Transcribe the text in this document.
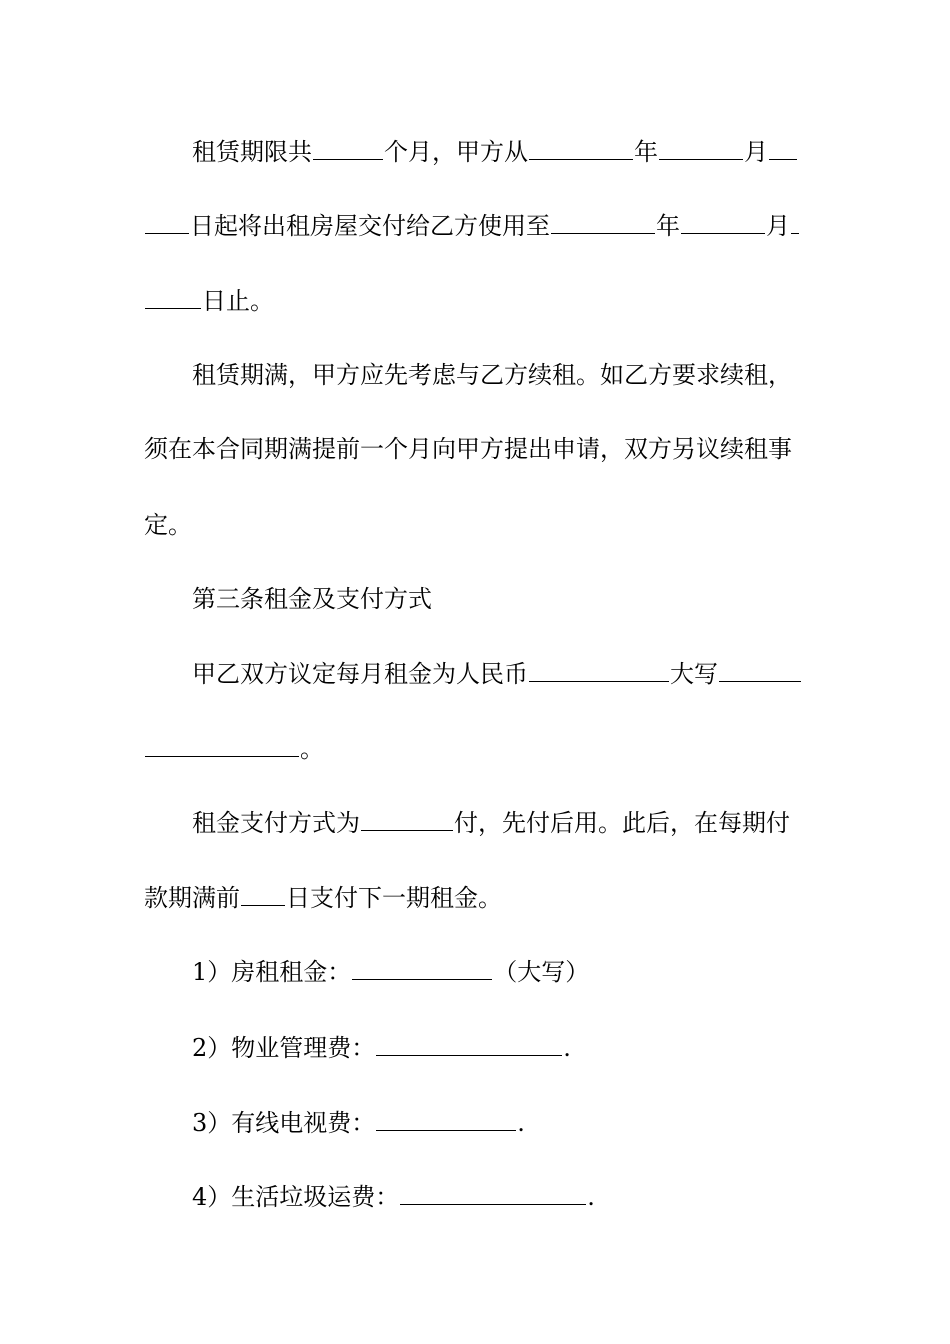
租赁期限共	个月，甲方从	年	月
日起将出租房屋交付给乙方使用至	年	月
日止。
租赁期满，甲方应先考虑与乙方续租。如乙方要求续租，
须在本合同期满提前一个月向甲方提出申请，双方另议续租事
定。
第三条租金及支付方式
甲乙双方议定每月租金为人民币	大写
。
租金支付方式为	付，先付后用。此后，在每期付
款期满前 日支付下一期租金。
1）房租租金：	（大写）
2）物业管理费：	.
3）有线电视费：	.
4）生活垃圾运费：	.
